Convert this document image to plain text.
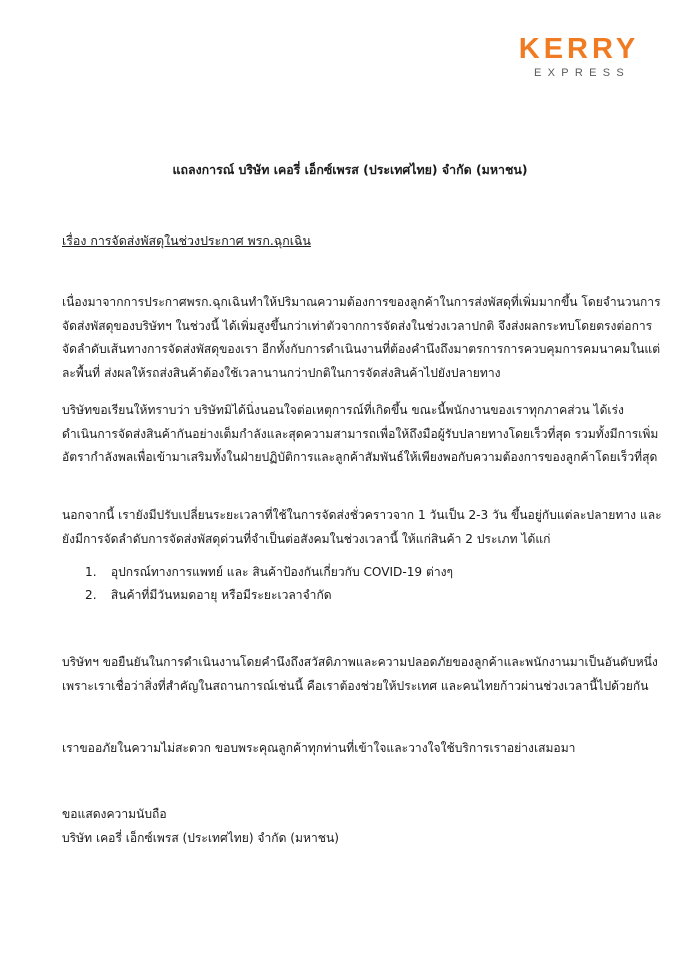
KERRY
EXPRESS
แถลงการณ์ บริษัท เคอรี่ เอ็กซ์เพรส (ประเทศไทย) จำกัด (มหาชน)
เรื่อง การจัดส่งพัสดุในช่วงประกาศ พรก.ฉุกเฉิน
เนื่องมาจากการประกาศพรก.ฉุกเฉินทำให้ปริมาณความต้องการของลูกค้าในการส่งพัสดุที่เพิ่มมากขึ้น โดยจำนวนการ
จัดส่งพัสดุของบริษัทฯ ในช่วงนี้ ได้เพิ่มสูงขึ้นกว่าเท่าตัวจากการจัดส่งในช่วงเวลาปกติ จึงส่งผลกระทบโดยตรงต่อการ
จัดลำดับเส้นทางการจัดส่งพัสดุของเรา อีกทั้งกับการดำเนินงานที่ต้องคำนึงถึงมาตรการการควบคุมการคมนาคมในแต่
ละพื้นที่ ส่งผลให้รถส่งสินค้าต้องใช้เวลานานกว่าปกติในการจัดส่งสินค้าไปยังปลายทาง
บริษัทขอเรียนให้ทราบว่า บริษัทมิได้นิ่งนอนใจต่อเหตุการณ์ที่เกิดขึ้น ขณะนี้พนักงานของเราทุกภาคส่วน ได้เร่ง
ดำเนินการจัดส่งสินค้ากันอย่างเต็มกำลังและสุดความสามารถเพื่อให้ถึงมือผู้รับปลายทางโดยเร็วที่สุด รวมทั้งมีการเพิ่ม
อัตรากำลังพลเพื่อเข้ามาเสริมทั้งในฝ่ายปฏิบัติการและลูกค้าสัมพันธ์ให้เพียงพอกับความต้องการของลูกค้าโดยเร็วที่สุด
นอกจากนี้ เรายังมีปรับเปลี่ยนระยะเวลาที่ใช้ในการจัดส่งชั่วคราวจาก 1 วันเป็น 2-3 วัน ขึ้นอยู่กับแต่ละปลายทาง และ
ยังมีการจัดลำดับการจัดส่งพัสดุด่วนที่จำเป็นต่อสังคมในช่วงเวลานี้ ให้แก่สินค้า 2 ประเภท ได้แก่
1. อุปกรณ์ทางการแพทย์ และ สินค้าป้องกันเกี่ยวกับ COVID-19 ต่างๆ
2. สินค้าที่มีวันหมดอายุ หรือมีระยะเวลาจำกัด
บริษัทฯ ขอยืนยันในการดำเนินงานโดยคำนึงถึงสวัสดิภาพและความปลอดภัยของลูกค้าและพนักงานมาเป็นอันดับหนึ่ง
เพราะเราเชื่อว่าสิ่งที่สำคัญในสถานการณ์เช่นนี้ คือเราต้องช่วยให้ประเทศ และคนไทยก้าวผ่านช่วงเวลานี้ไปด้วยกัน
เราขออภัยในความไม่สะดวก ขอบพระคุณลูกค้าทุกท่านที่เข้าใจและวางใจใช้บริการเราอย่างเสมอมา
ขอแสดงความนับถือ
บริษัท เคอรี่ เอ็กซ์เพรส (ประเทศไทย) จำกัด (มหาชน)
